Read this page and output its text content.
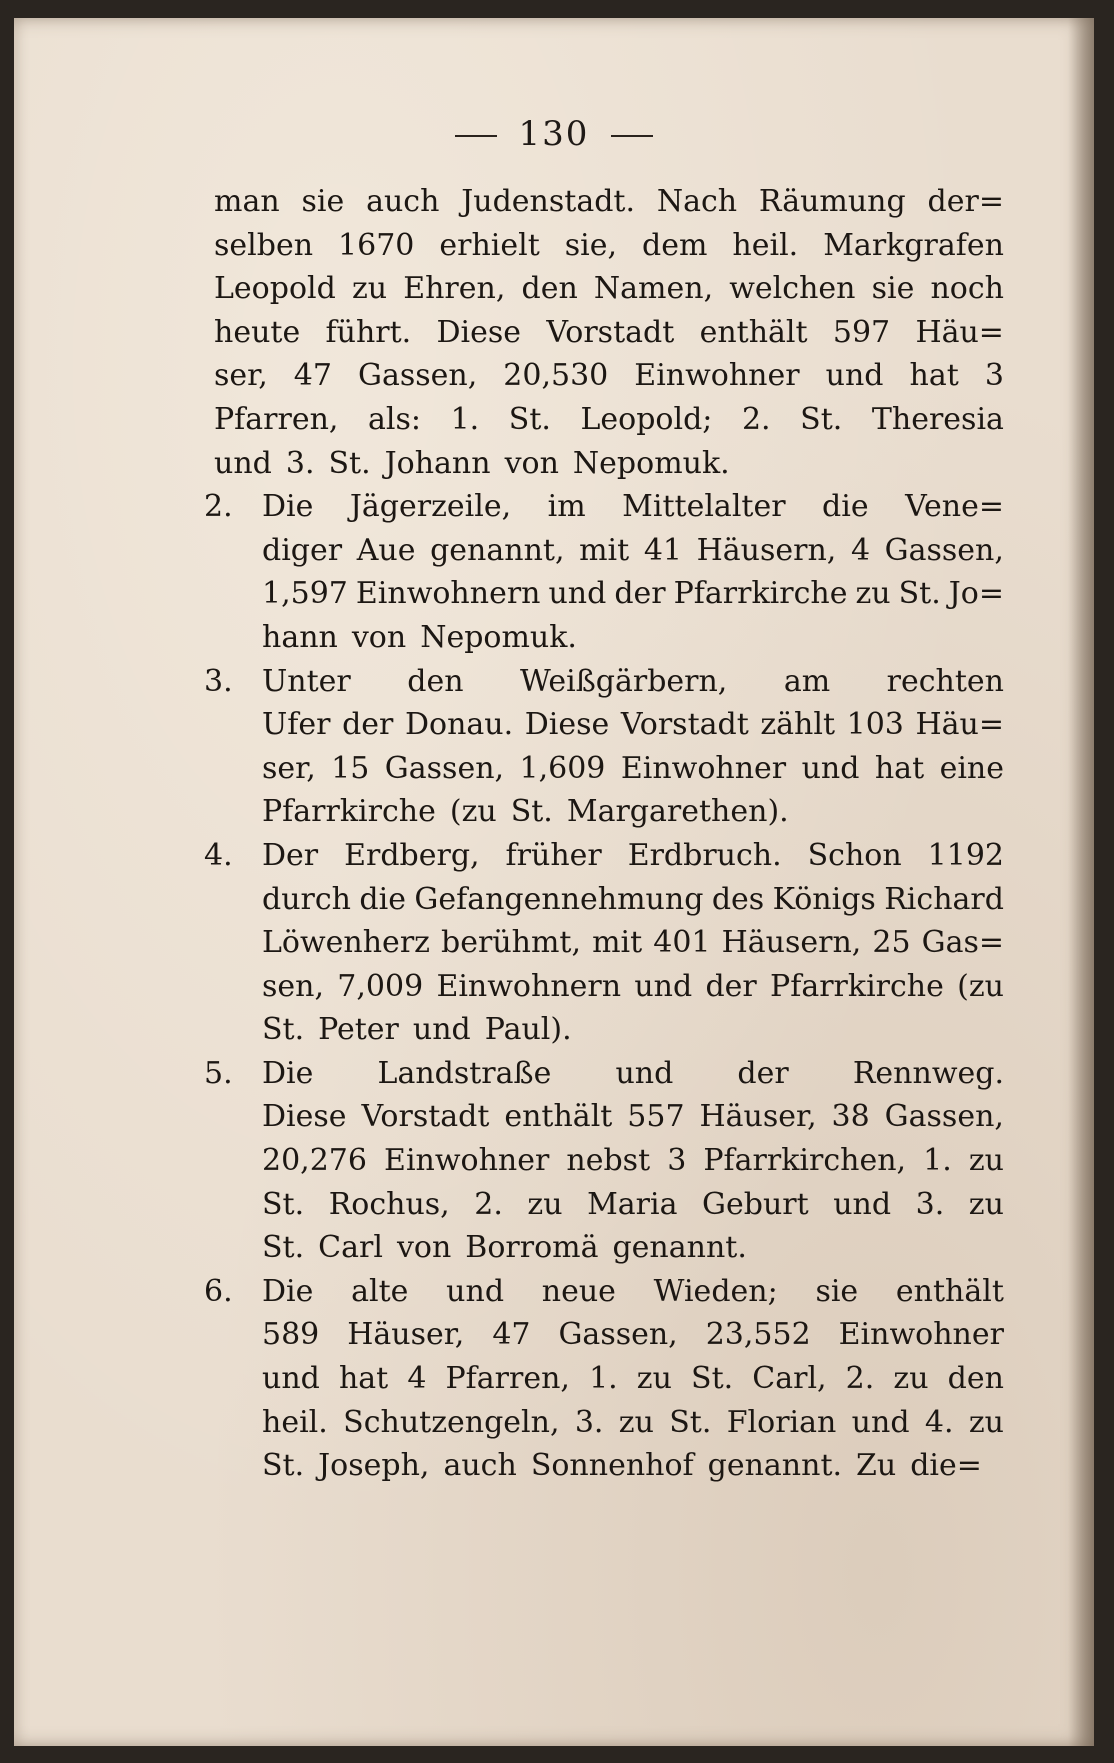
130
man sie auch Judenstadt. Nach Räumung der=
selben 1670 erhielt sie, dem heil. Markgrafen
Leopold zu Ehren, den Namen, welchen sie noch
heute führt. Diese Vorstadt enthält 597 Häu=
ser, 47 Gassen, 20,530 Einwohner und hat 3
Pfarren, als: 1. St. Leopold; 2. St. Theresia
und 3. St. Johann von Nepomuk.
2. Die Jägerzeile, im Mittelalter die Vene=
diger Aue genannt, mit 41 Häusern, 4 Gassen,
1,597 Einwohnern und der Pfarrkirche zu St. Jo=
hann von Nepomuk.
3. Unter den Weißgärbern, am rechten
Ufer der Donau. Diese Vorstadt zählt 103 Häu=
ser, 15 Gassen, 1,609 Einwohner und hat eine
Pfarrkirche (zu St. Margarethen).
4. Der Erdberg, früher Erdbruch. Schon 1192
durch die Gefangennehmung des Königs Richard
Löwenherz berühmt, mit 401 Häusern, 25 Gas=
sen, 7,009 Einwohnern und der Pfarrkirche (zu
St. Peter und Paul).
5. Die Landstraße und der Rennweg.
Diese Vorstadt enthält 557 Häuser, 38 Gassen,
20,276 Einwohner nebst 3 Pfarrkirchen, 1. zu
St. Rochus, 2. zu Maria Geburt und 3. zu
St. Carl von Borromä genannt.
6. Die alte und neue Wieden; sie enthält
589 Häuser, 47 Gassen, 23,552 Einwohner
und hat 4 Pfarren, 1. zu St. Carl, 2. zu den
heil. Schutzengeln, 3. zu St. Florian und 4. zu
St. Joseph, auch Sonnenhof genannt. Zu die=
